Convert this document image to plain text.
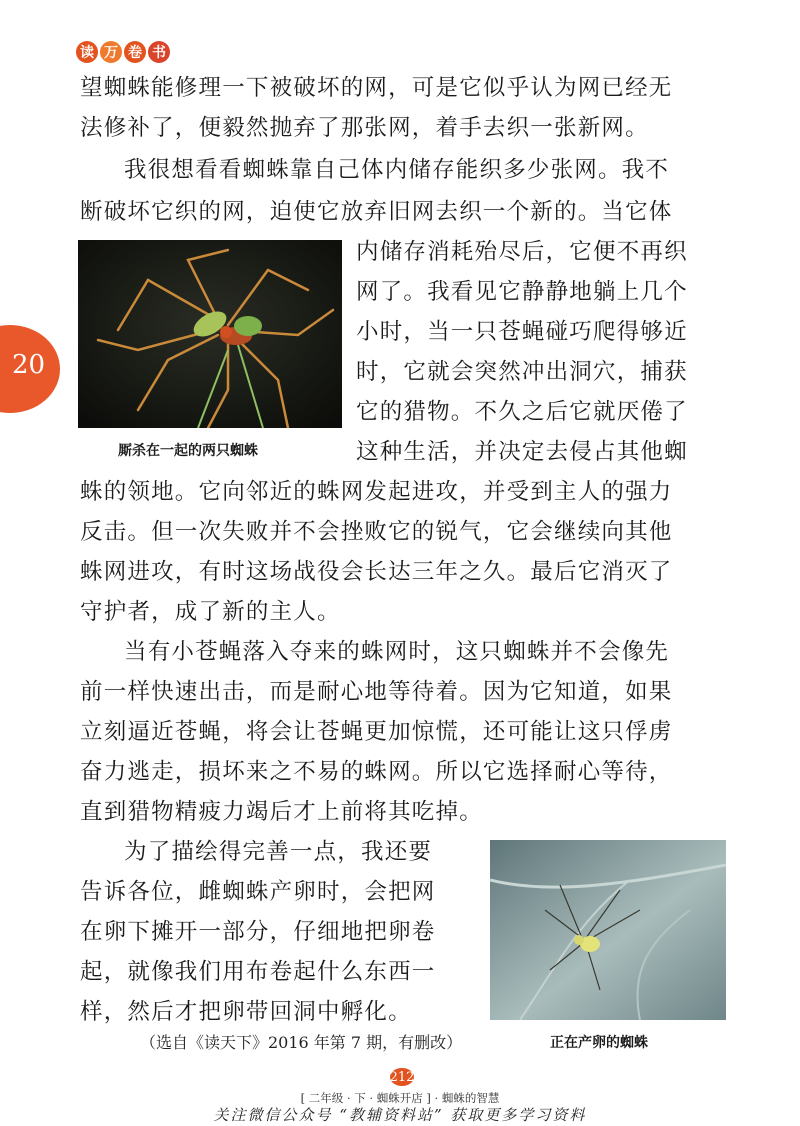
读 万 卷 书
20
望蜘蛛能修理一下被破坏的网，可是它似乎认为网已经无
法修补了，便毅然抛弃了那张网，着手去织一张新网。
我很想看看蜘蛛靠自己体内储存能织多少张网。我不
断破坏它织的网，迫使它放弃旧网去织一个新的。当它体
内储存消耗殆尽后，它便不再织
网了。我看见它静静地躺上几个
小时，当一只苍蝇碰巧爬得够近
时，它就会突然冲出洞穴，捕获
它的猎物。不久之后它就厌倦了
这种生活，并决定去侵占其他蜘
蛛的领地。它向邻近的蛛网发起进攻，并受到主人的强力
反击。但一次失败并不会挫败它的锐气，它会继续向其他
蛛网进攻，有时这场战役会长达三年之久。最后它消灭了
守护者，成了新的主人。
当有小苍蝇落入夺来的蛛网时，这只蜘蛛并不会像先
前一样快速出击，而是耐心地等待着。因为它知道，如果
立刻逼近苍蝇，将会让苍蝇更加惊慌，还可能让这只俘虏
奋力逃走，损坏来之不易的蛛网。所以它选择耐心等待，
直到猎物精疲力竭后才上前将其吃掉。
为了描绘得完善一点，我还要
告诉各位，雌蜘蛛产卵时，会把网
在卵下摊开一部分，仔细地把卵卷
起，就像我们用布卷起什么东西一
样，然后才把卵带回洞中孵化。
厮杀在一起的两只蜘蛛
正在产卵的蜘蛛
（选自《读天下》2016 年第 7 期，有删改）
212
[ 二年级 · 下 · 蜘蛛开店 ] · 蜘蛛的智慧
关注微信公众号 “教辅资料站” 获取更多学习资料
